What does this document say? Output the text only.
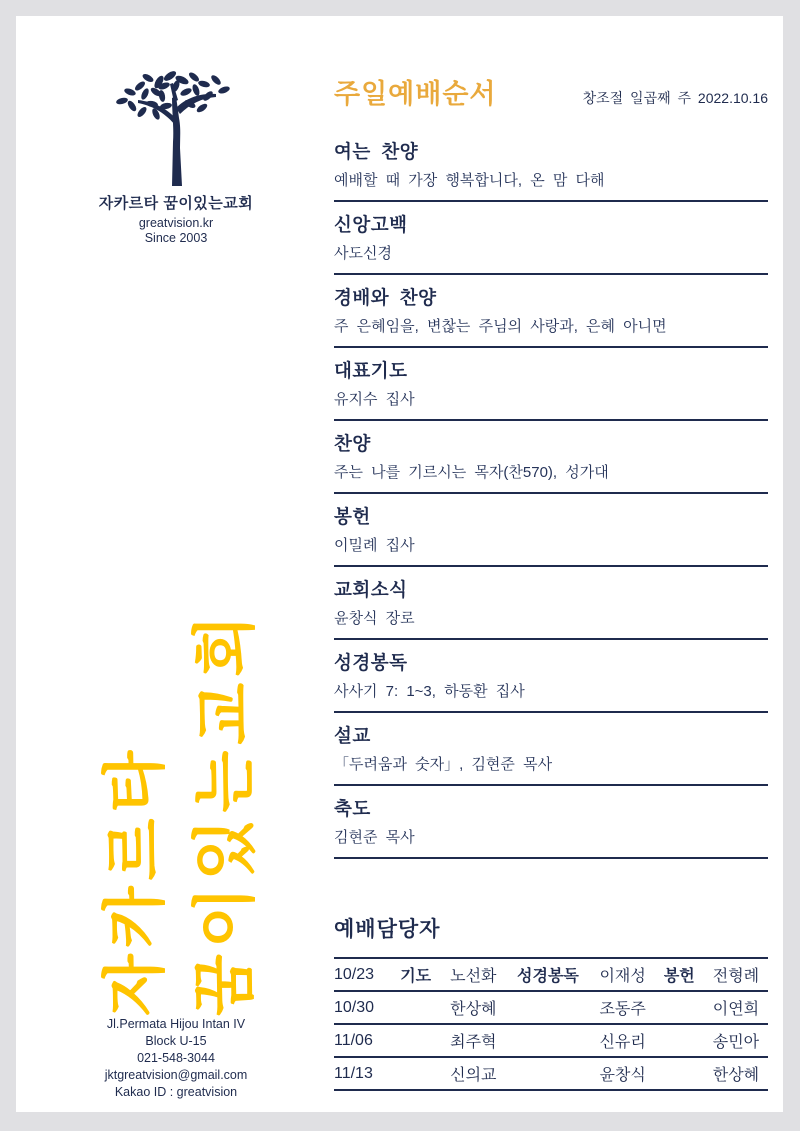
자카르타 꿈이있는교회
greatvision.kr
Since 2003
자카르타 꿈이있는교회
Jl.Permata Hijou Intan IV
Block U-15
021-548-3044
jktgreatvision@gmail.com
Kakao ID : greatvision
주일예배순서	창조절 일곱째 주 2022.10.16
여는 찬양
예배할 때 가장 행복합니다, 온 맘 다해
신앙고백
사도신경
경배와 찬양
주 은혜임을, 변찮는 주님의 사랑과, 은혜 아니면
대표기도
유지수 집사
찬양
주는 나를 기르시는 목자(찬570), 성가대
봉헌
이밀례 집사
교회소식
윤창식 장로
성경봉독
사사기 7: 1~3, 하동환 집사
설교
「두려움과 숫자」, 김현준 목사
축도
김현준 목사
예배담당자
10/23	기도	노선화	성경봉독	이재성	봉헌	전형례
10/30	한상혜	조동주	이연희
11/06	최주혁	신유리	송민아
11/13	신의교	윤창식	한상혜
